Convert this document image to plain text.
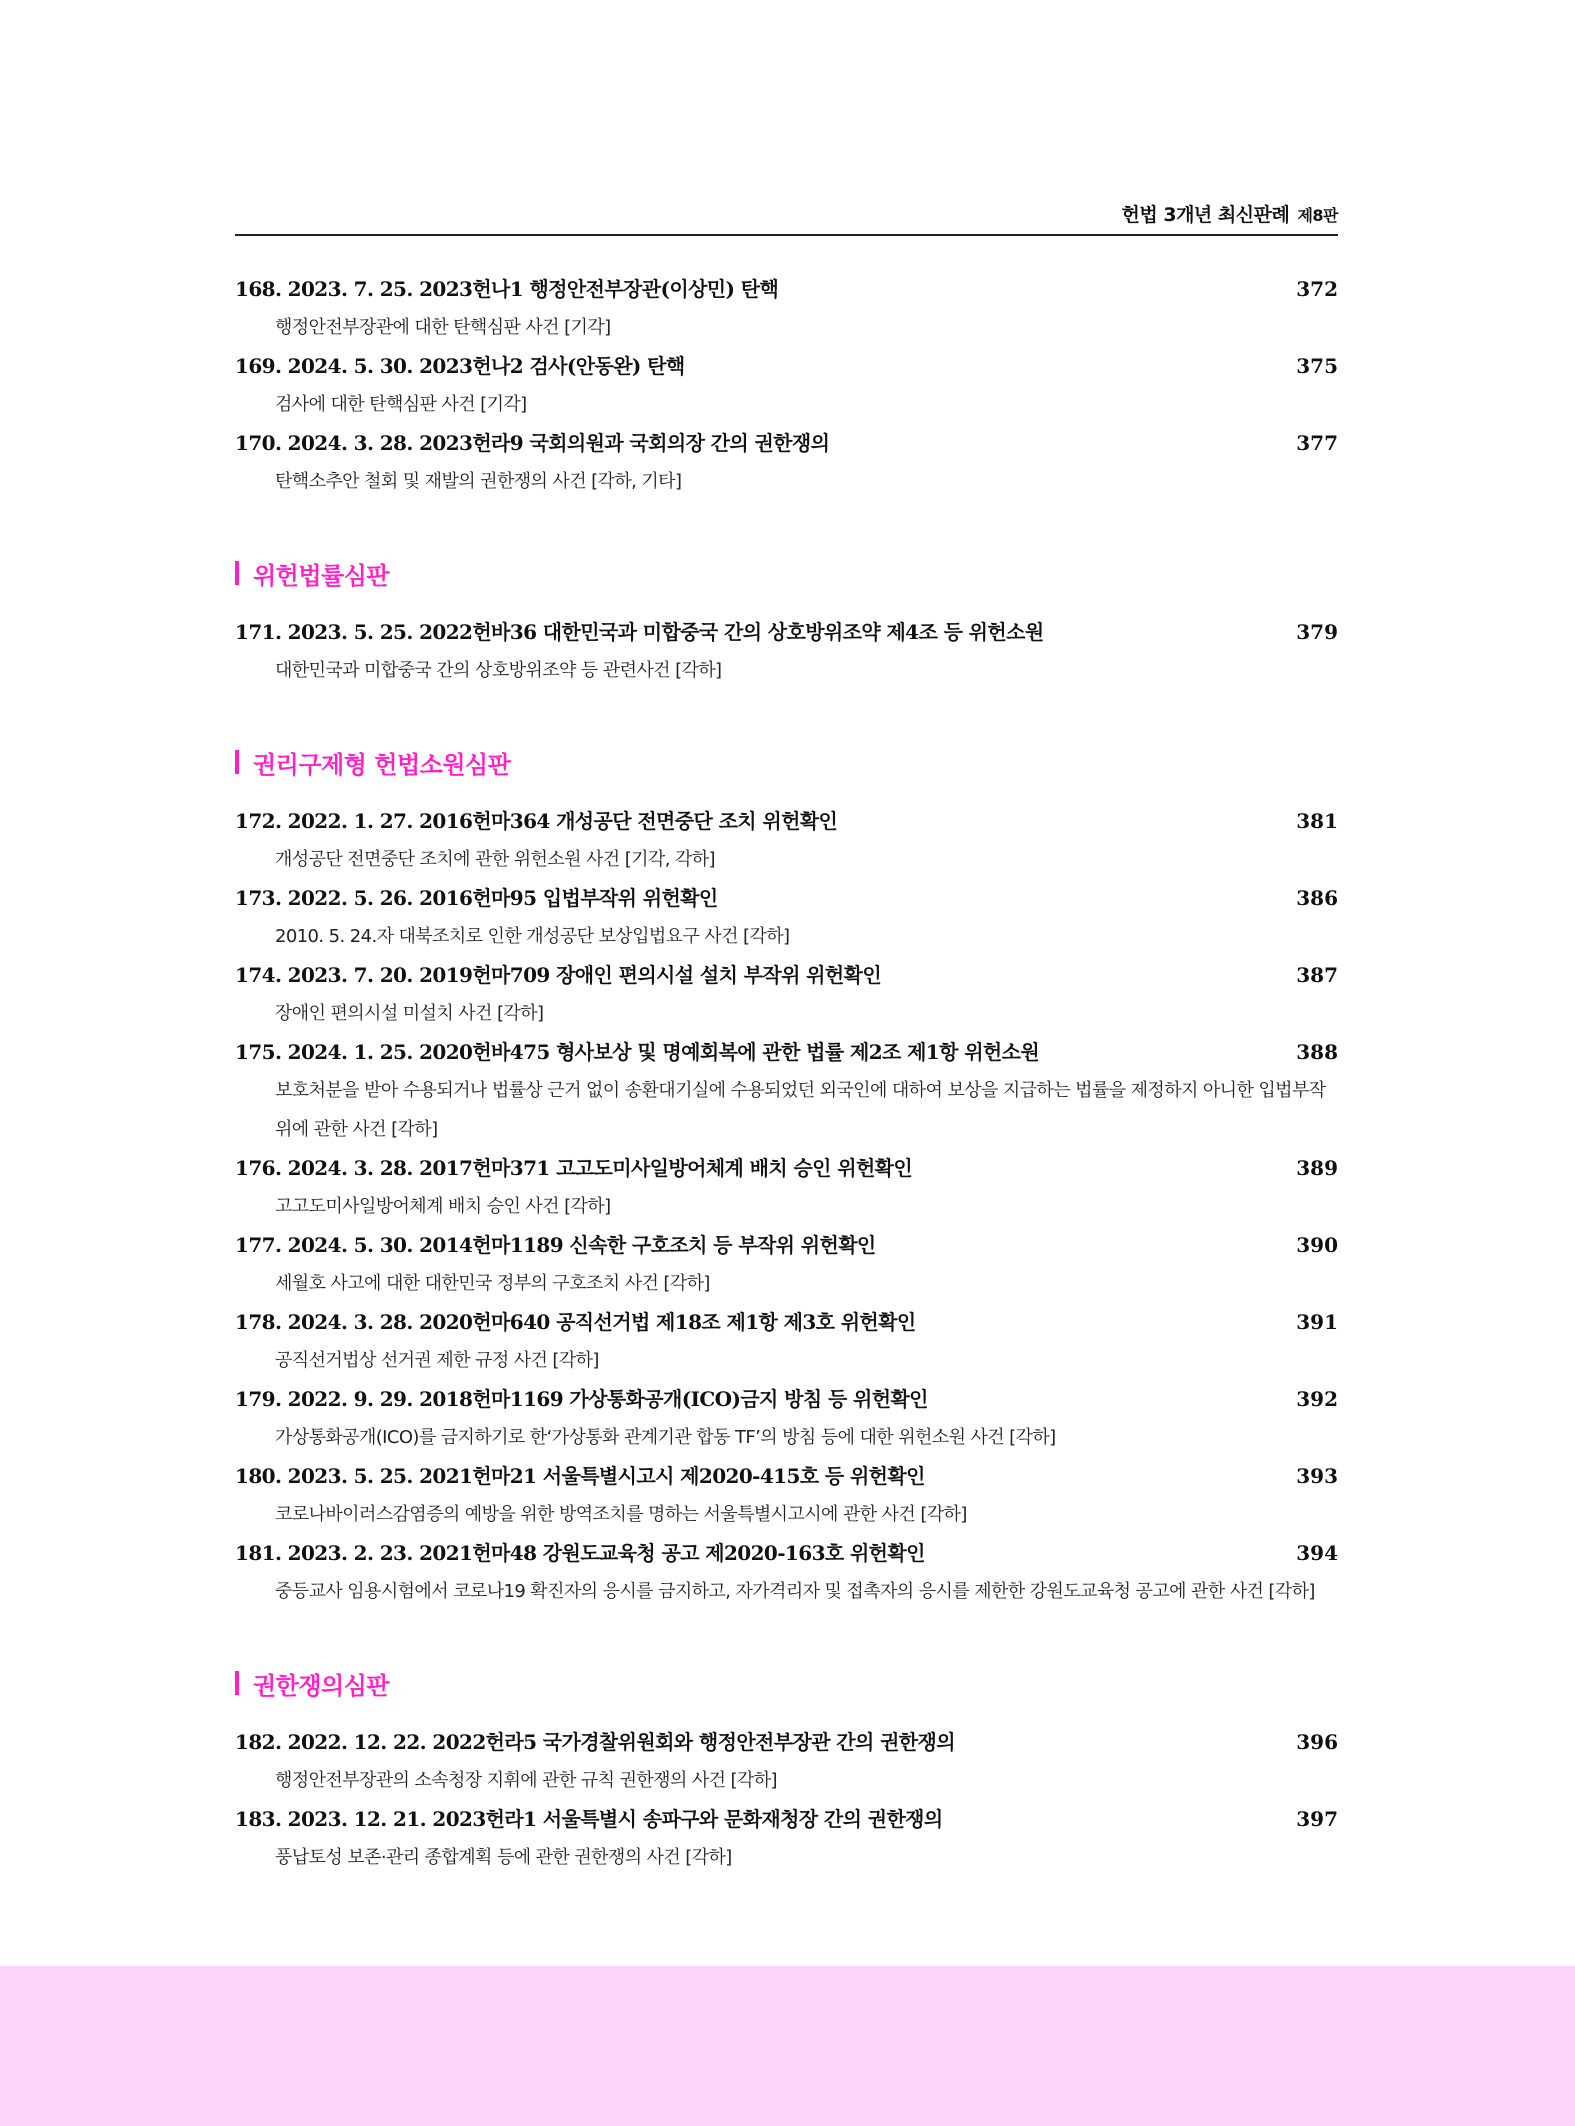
헌법 3개년 최신판례 제8판
168. 2023. 7. 25. 2023헌나1 행정안전부장관(이상민) 탄핵	372
행정안전부장관에 대한 탄핵심판 사건 [기각]
169. 2024. 5. 30. 2023헌나2 검사(안동완) 탄핵	375
검사에 대한 탄핵심판 사건 [기각]
170. 2024. 3. 28. 2023헌라9 국회의원과 국회의장 간의 권한쟁의	377
탄핵소추안 철회 및 재발의 권한쟁의 사건 [각하, 기타]
위헌법률심판
171. 2023. 5. 25. 2022헌바36 대한민국과 미합중국 간의 상호방위조약 제4조 등 위헌소원	379
대한민국과 미합중국 간의 상호방위조약 등 관련사건 [각하]
권리구제형 헌법소원심판
172. 2022. 1. 27. 2016헌마364 개성공단 전면중단 조치 위헌확인	381
개성공단 전면중단 조치에 관한 위헌소원 사건 [기각, 각하]
173. 2022. 5. 26. 2016헌마95 입법부작위 위헌확인	386
2010. 5. 24.자 대북조치로 인한 개성공단 보상입법요구 사건 [각하]
174. 2023. 7. 20. 2019헌마709 장애인 편의시설 설치 부작위 위헌확인	387
장애인 편의시설 미설치 사건 [각하]
175. 2024. 1. 25. 2020헌바475 형사보상 및 명예회복에 관한 법률 제2조 제1항 위헌소원	388
보호처분을 받아 수용되거나 법률상 근거 없이 송환대기실에 수용되었던 외국인에 대하여 보상을 지급하는 법률을 제정하지 아니한 입법부작위에 관한 사건 [각하]
176. 2024. 3. 28. 2017헌마371 고고도미사일방어체계 배치 승인 위헌확인	389
고고도미사일방어체계 배치 승인 사건 [각하]
177. 2024. 5. 30. 2014헌마1189 신속한 구호조치 등 부작위 위헌확인	390
세월호 사고에 대한 대한민국 정부의 구호조치 사건 [각하]
178. 2024. 3. 28. 2020헌마640 공직선거법 제18조 제1항 제3호 위헌확인	391
공직선거법상 선거권 제한 규정 사건 [각하]
179. 2022. 9. 29. 2018헌마1169 가상통화공개(ICO)금지 방침 등 위헌확인	392
가상통화공개(ICO)를 금지하기로 한‘가상통화 관계기관 합동 TF’의 방침 등에 대한 위헌소원 사건 [각하]
180. 2023. 5. 25. 2021헌마21 서울특별시고시 제2020-415호 등 위헌확인	393
코로나바이러스감염증의 예방을 위한 방역조치를 명하는 서울특별시고시에 관한 사건 [각하]
181. 2023. 2. 23. 2021헌마48 강원도교육청 공고 제2020-163호 위헌확인	394
중등교사 임용시험에서 코로나19 확진자의 응시를 금지하고, 자가격리자 및 접촉자의 응시를 제한한 강원도교육청 공고에 관한 사건 [각하]
권한쟁의심판
182. 2022. 12. 22. 2022헌라5 국가경찰위원회와 행정안전부장관 간의 권한쟁의	396
행정안전부장관의 소속청장 지휘에 관한 규칙 권한쟁의 사건 [각하]
183. 2023. 12. 21. 2023헌라1 서울특별시 송파구와 문화재청장 간의 권한쟁의	397
풍납토성 보존·관리 종합계획 등에 관한 권한쟁의 사건 [각하]
